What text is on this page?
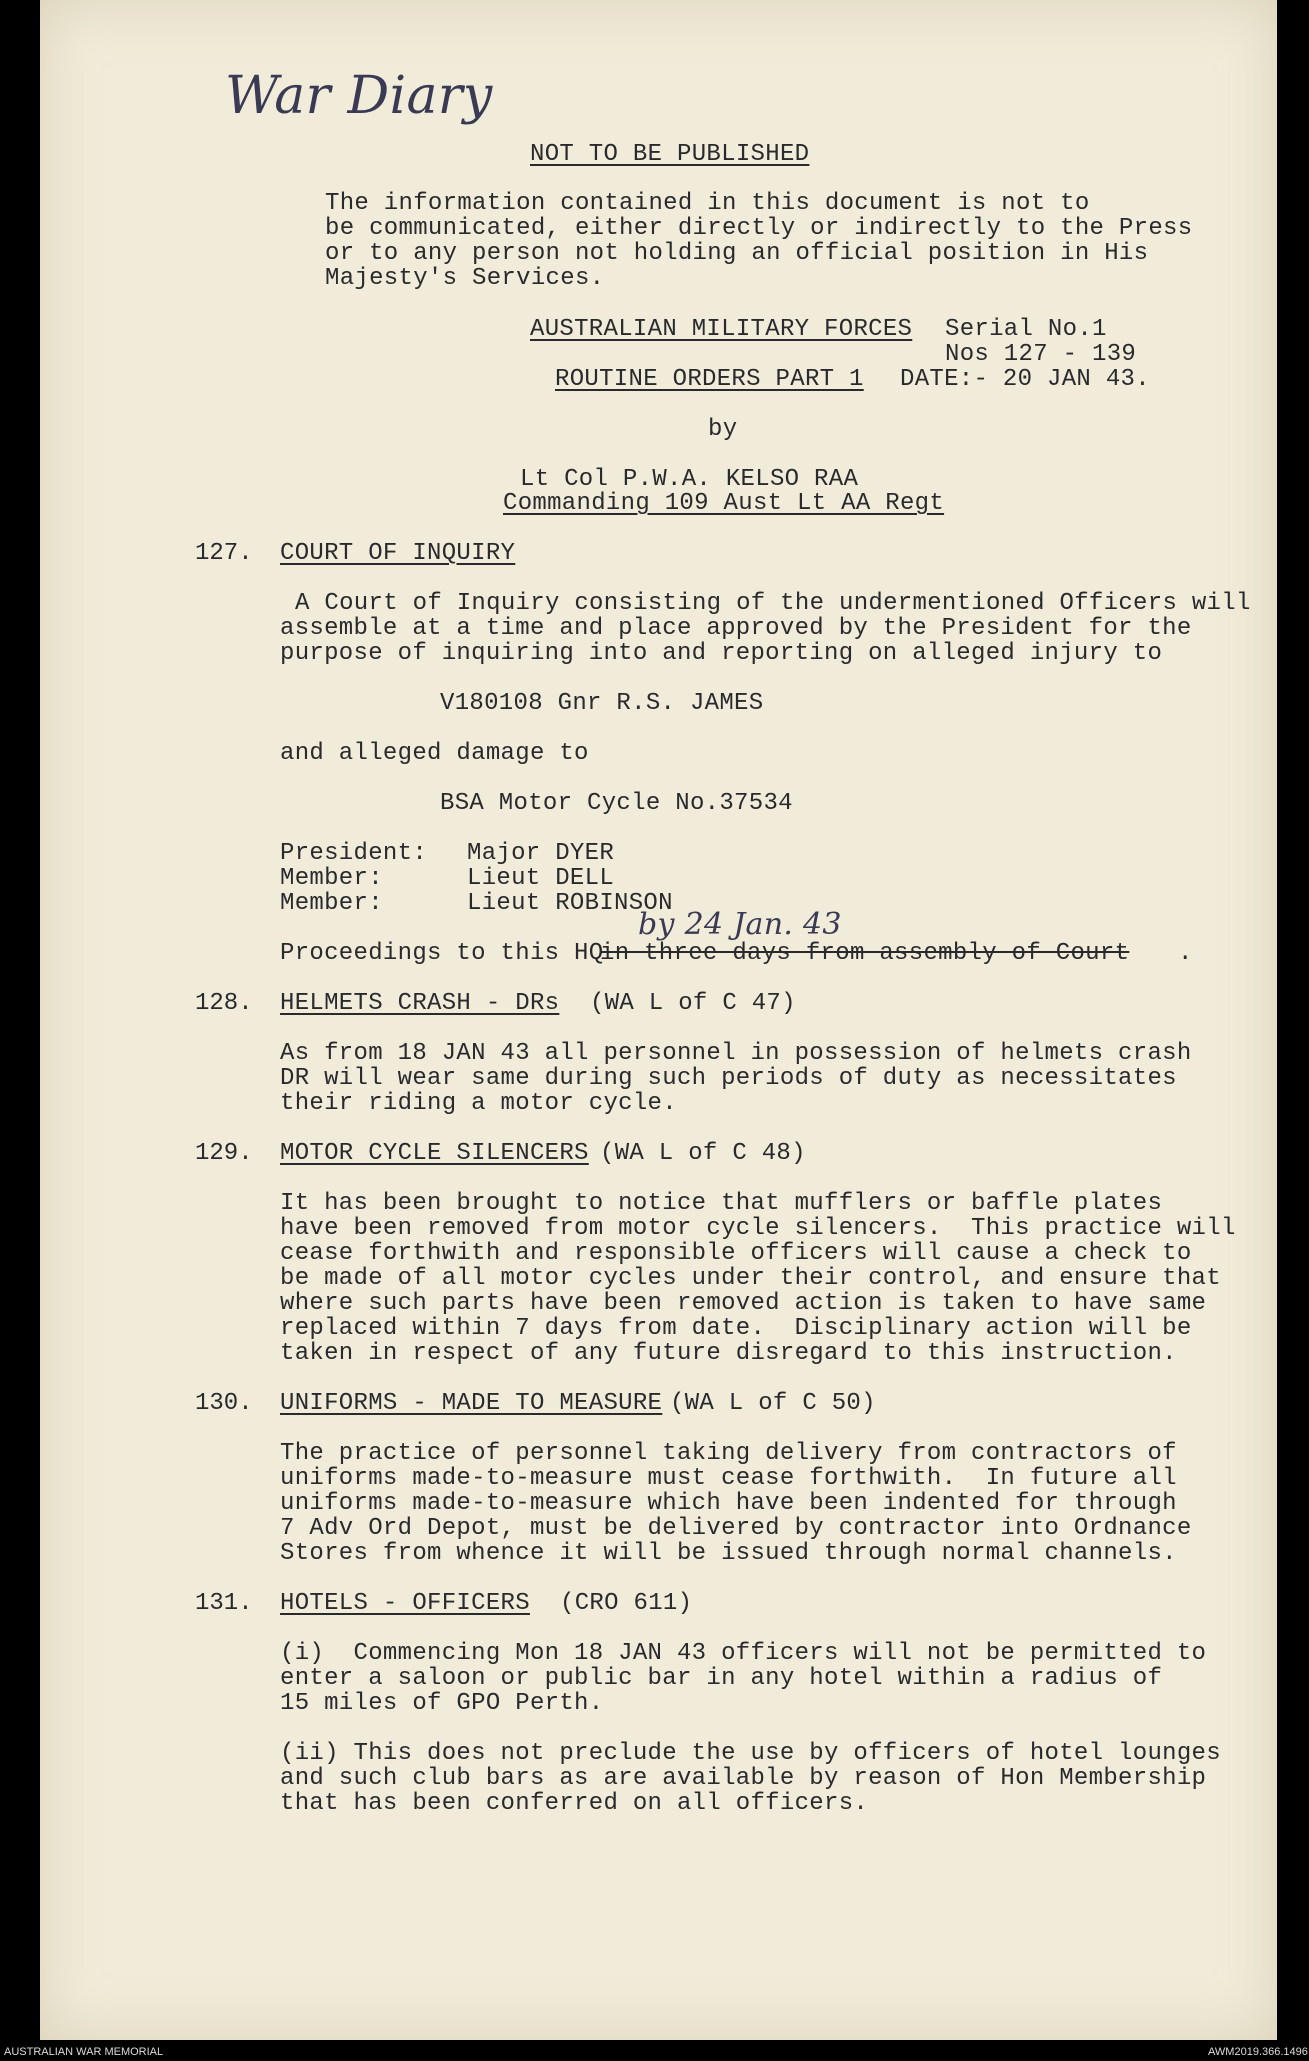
War Diary
NOT TO BE PUBLISHED
The information contained in this document is not to
be communicated, either directly or indirectly to the Press
or to any person not holding an official position in His
Majesty's Services.
AUSTRALIAN MILITARY FORCES Serial No.1
Nos 127 - 139
ROUTINE ORDERS PART 1 DATE:- 20 JAN 43.
by
Lt Col P.W.A. KELSO RAA
Commanding 109 Aust Lt AA Regt
127. COURT OF INQUIRY
A Court of Inquiry consisting of the undermentioned Officers will
assemble at a time and place approved by the President for the
purpose of inquiring into and reporting on alleged injury to
V180108 Gnr R.S. JAMES
and alleged damage to
BSA Motor Cycle No.37534
President: Major DYER
Member:	Lieut DELL
Member:	Lieut ROBINSON
by 24 Jan. 43
Proceedings to this HQ
in three days from assembly of Court .
128. HELMETS CRASH - DRs (WA L of C 47)
As from 18 JAN 43 all personnel in possession of helmets crash
DR will wear same during such periods of duty as necessitates
their riding a motor cycle.
129. MOTOR CYCLE SILENCERS (WA L of C 48)
It has been brought to notice that mufflers or baffle plates
have been removed from motor cycle silencers.  This practice will
cease forthwith and responsible officers will cause a check to
be made of all motor cycles under their control, and ensure that
where such parts have been removed action is taken to have same
replaced within 7 days from date.  Disciplinary action will be
taken in respect of any future disregard to this instruction.
130. UNIFORMS - MADE TO MEASURE (WA L of C 50)
The practice of personnel taking delivery from contractors of
uniforms made-to-measure must cease forthwith.  In future all
uniforms made-to-measure which have been indented for through
7 Adv Ord Depot, must be delivered by contractor into Ordnance
Stores from whence it will be issued through normal channels.
131. HOTELS - OFFICERS (CRO 611)
(i)  Commencing Mon 18 JAN 43 officers will not be permitted to
enter a saloon or public bar in any hotel within a radius of
15 miles of GPO Perth.
(ii) This does not preclude the use by officers of hotel lounges
and such club bars as are available by reason of Hon Membership
that has been conferred on all officers.
AUSTRALIAN WAR MEMORIAL	AWM2019.366.1496
